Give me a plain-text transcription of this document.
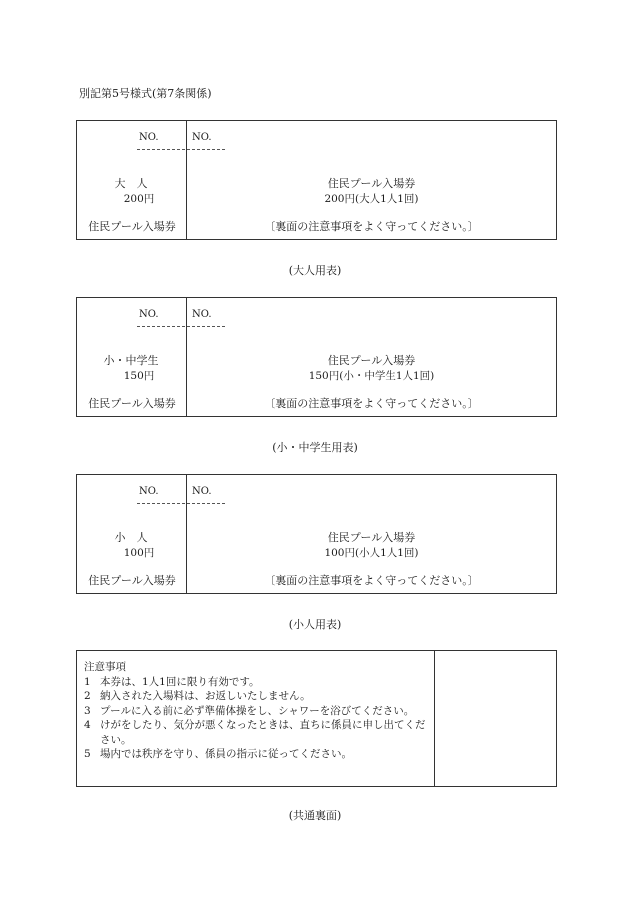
別記第5号様式(第7条関係)
NO.
大　人
200円
住民プール入場券
NO.
住民プール入場券
200円(大人1人1回)
〔裏面の注意事項をよく守ってください。〕
(大人用表)
NO.
小・中学生
150円
住民プール入場券
NO.
住民プール入場券
150円(小・中学生1人1回)
〔裏面の注意事項をよく守ってください。〕
(小・中学生用表)
NO.
小　人
100円
住民プール入場券
NO.
住民プール入場券
100円(小人1人1回)
〔裏面の注意事項をよく守ってください。〕
(小人用表)
注意事項
1 本券は、1人1回に限り有効です。
2 納入された入場料は、お返しいたしません。
3 プールに入る前に必ず準備体操をし、シャワーを浴びてください。
4 けがをしたり、気分が悪くなったときは、直ちに係員に申し出てください。
5 場内では秩序を守り、係員の指示に従ってください。
(共通裏面)
